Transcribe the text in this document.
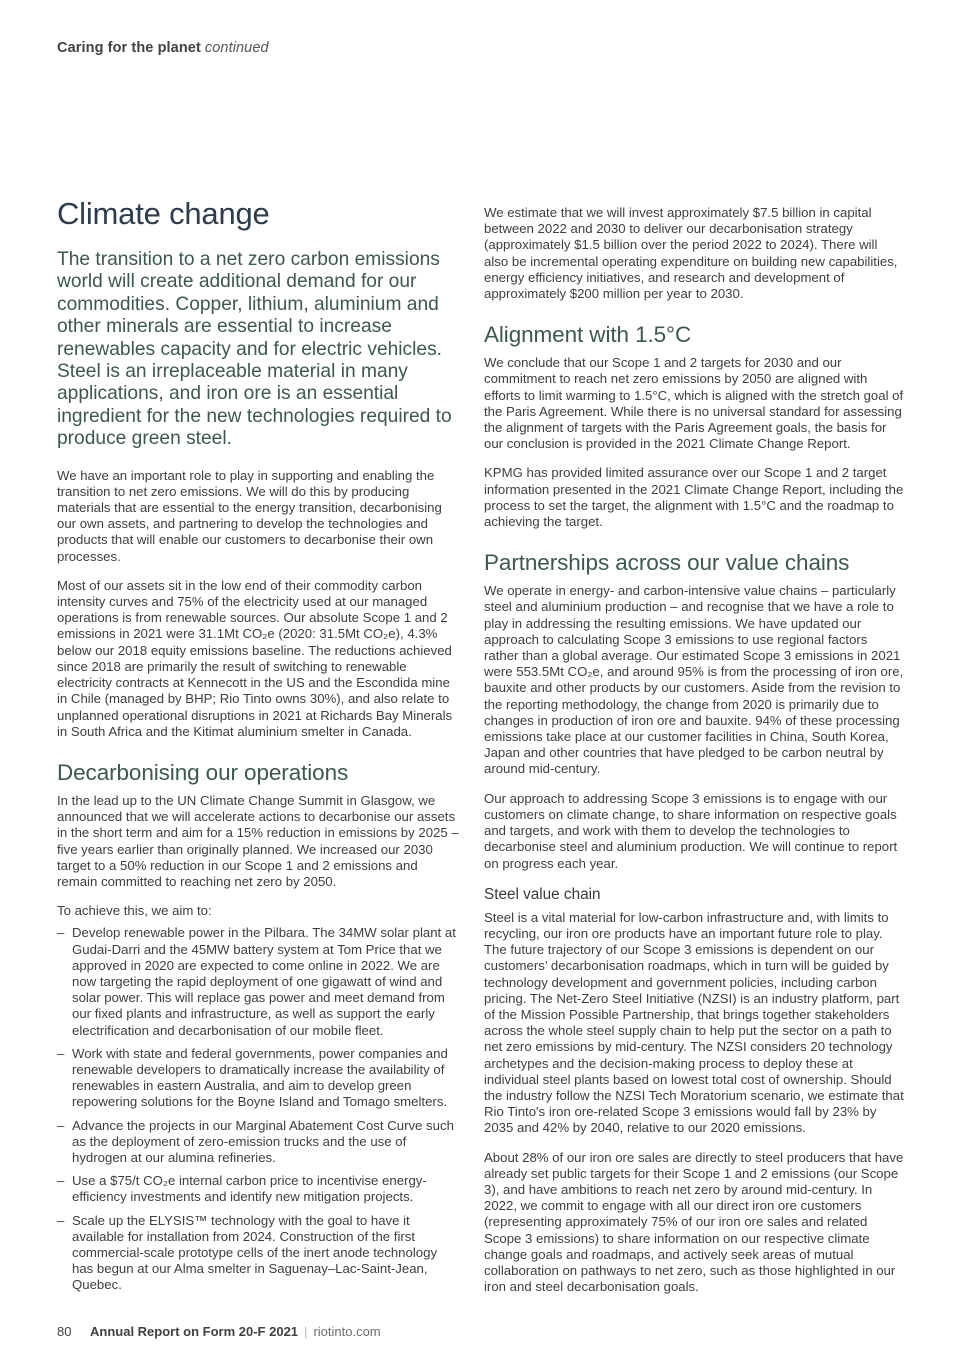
Caring for the planet continued
Climate change

The transition to a net zero carbon emissions world will create additional demand for our commodities. Copper, lithium, aluminium and other minerals are essential to increase renewables capacity and for electric vehicles. Steel is an irreplaceable material in many applications, and iron ore is an essential ingredient for the new technologies required to produce green steel.

We have an important role to play in supporting and enabling the transition to net zero emissions. We will do this by producing materials that are essential to the energy transition, decarbonising our own assets, and partnering to develop the technologies and products that will enable our customers to decarbonise their own processes.

Most of our assets sit in the low end of their commodity carbon intensity curves and 75% of the electricity used at our managed operations is from renewable sources. Our absolute Scope 1 and 2 emissions in 2021 were 31.1Mt CO₂e (2020: 31.5Mt CO₂e), 4.3% below our 2018 equity emissions baseline. The reductions achieved since 2018 are primarily the result of switching to renewable electricity contracts at Kennecott in the US and the Escondida mine in Chile (managed by BHP; Rio Tinto owns 30%), and also relate to unplanned operational disruptions in 2021 at Richards Bay Minerals in South Africa and the Kitimat aluminium smelter in Canada.

Decarbonising our operations

In the lead up to the UN Climate Change Summit in Glasgow, we announced that we will accelerate actions to decarbonise our assets in the short term and aim for a 15% reduction in emissions by 2025 – five years earlier than originally planned. We increased our 2030 target to a 50% reduction in our Scope 1 and 2 emissions and remain committed to reaching net zero by 2050.

To achieve this, we aim to:

– Develop renewable power in the Pilbara. The 34MW solar plant at Gudai-Darri and the 45MW battery system at Tom Price that we approved in 2020 are expected to come online in 2022. We are now targeting the rapid deployment of one gigawatt of wind and solar power. This will replace gas power and meet demand from our fixed plants and infrastructure, as well as support the early electrification and decarbonisation of our mobile fleet.
– Work with state and federal governments, power companies and renewable developers to dramatically increase the availability of renewables in eastern Australia, and aim to develop green repowering solutions for the Boyne Island and Tomago smelters.
– Advance the projects in our Marginal Abatement Cost Curve such as the deployment of zero-emission trucks and the use of hydrogen at our alumina refineries.
– Use a $75/t CO₂e internal carbon price to incentivise energy-efficiency investments and identify new mitigation projects.
– Scale up the ELYSIS™ technology with the goal to have it available for installation from 2024. Construction of the first commercial-scale prototype cells of the inert anode technology has begun at our Alma smelter in Saguenay–Lac-Saint-Jean, Quebec.

We estimate that we will invest approximately $7.5 billion in capital between 2022 and 2030 to deliver our decarbonisation strategy (approximately $1.5 billion over the period 2022 to 2024). There will also be incremental operating expenditure on building new capabilities, energy efficiency initiatives, and research and development of approximately $200 million per year to 2030.

Alignment with 1.5°C

We conclude that our Scope 1 and 2 targets for 2030 and our commitment to reach net zero emissions by 2050 are aligned with efforts to limit warming to 1.5°C, which is aligned with the stretch goal of the Paris Agreement. While there is no universal standard for assessing the alignment of targets with the Paris Agreement goals, the basis for our conclusion is provided in the 2021 Climate Change Report.

KPMG has provided limited assurance over our Scope 1 and 2 target information presented in the 2021 Climate Change Report, including the process to set the target, the alignment with 1.5°C and the roadmap to achieving the target.

Partnerships across our value chains

We operate in energy- and carbon-intensive value chains – particularly steel and aluminium production – and recognise that we have a role to play in addressing the resulting emissions. We have updated our approach to calculating Scope 3 emissions to use regional factors rather than a global average. Our estimated Scope 3 emissions in 2021 were 553.5Mt CO₂e, and around 95% is from the processing of iron ore, bauxite and other products by our customers. Aside from the revision to the reporting methodology, the change from 2020 is primarily due to changes in production of iron ore and bauxite. 94% of these processing emissions take place at our customer facilities in China, South Korea, Japan and other countries that have pledged to be carbon neutral by around mid-century.

Our approach to addressing Scope 3 emissions is to engage with our customers on climate change, to share information on respective goals and targets, and work with them to develop the technologies to decarbonise steel and aluminium production. We will continue to report on progress each year.

Steel value chain

Steel is a vital material for low-carbon infrastructure and, with limits to recycling, our iron ore products have an important future role to play. The future trajectory of our Scope 3 emissions is dependent on our customers’ decarbonisation roadmaps, which in turn will be guided by technology development and government policies, including carbon pricing. The Net-Zero Steel Initiative (NZSI) is an industry platform, part of the Mission Possible Partnership, that brings together stakeholders across the whole steel supply chain to help put the sector on a path to net zero emissions by mid-century. The NZSI considers 20 technology archetypes and the decision-making process to deploy these at individual steel plants based on lowest total cost of ownership. Should the industry follow the NZSI Tech Moratorium scenario, we estimate that Rio Tinto's iron ore-related Scope 3 emissions would fall by 23% by 2035 and 42% by 2040, relative to our 2020 emissions.

About 28% of our iron ore sales are directly to steel producers that have already set public targets for their Scope 1 and 2 emissions (our Scope 3), and have ambitions to reach net zero by around mid-century. In 2022, we commit to engage with all our direct iron ore customers (representing approximately 75% of our iron ore sales and related Scope 3 emissions) to share information on our respective climate change goals and roadmaps, and actively seek areas of mutual collaboration on pathways to net zero, such as those highlighted in our iron and steel decarbonisation goals.

80	Annual Report on Form 20-F 2021 | riotinto.com
